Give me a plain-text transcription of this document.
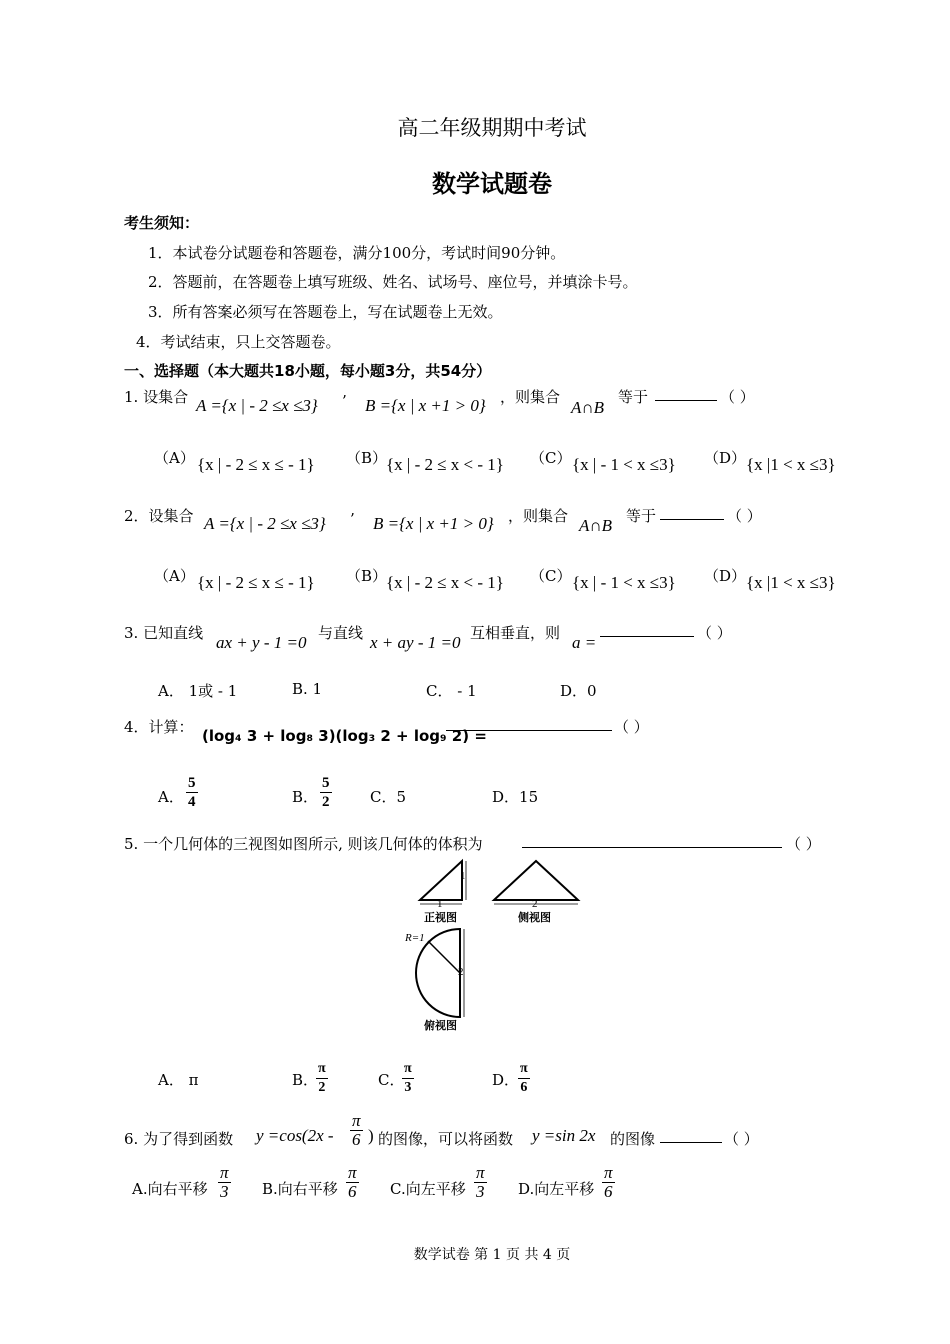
高二年级期期中考试
数学试题卷
考生须知：
1．本试卷分试题卷和答题卷，满分100分，考试时间90分钟。
2．答题前，在答题卷上填写班级、姓名、试场号、座位号，并填涂卡号。
3．所有答案必须写在答题卷上，写在试题卷上无效。
4．考试结束，只上交答题卷。
一、选择题（本大题共18小题，每小题3分，共54分）
1. 设集合 A ={x | - 2 ≤x ≤3} ’ B ={x | x +1 > 0} ，则集合
A∩B
等于	（ ）
（A） {x | - 2 ≤ x ≤ - 1} （B）
{x | - 2 ≤ x < - 1} （C） {x | - 1 < x ≤3} （D） {x |1 < x ≤3}
2．设集合 A ={x | - 2 ≤x ≤3} ’ B ={x | x +1 > 0} ，则集合 A∩B 等于	（ ）
（A） {x | - 2 ≤ x ≤ - 1} （B）
{x | - 2 ≤ x < - 1} （C） {x | - 1 < x ≤3} （D） {x |1 < x ≤3}
3. 已知直线 ax + y - 1 =0 与直线 x + ay - 1 =0 互相垂直，则 a =	（ ）
A． 1或 - 1	B. 1	C． - 1	D．0
4．计算： (log₄ 3 + log₈ 3)(log₃ 2 + log₉ 2) =	（ ）
A． $\frac{5}{4}$	B． $\frac{5}{2}$	C．5	D．15
5. 一个几何体的三视图如图所示, 则该几何体的体积为	（ ）
1
1
正视图
2
侧视图
R=1
2
俯视图
A． π	B．
$\frac{\pi}{2}$	C．
$\frac{\pi}{3}$	D．
$\frac{\pi}{6}$
6. 为了得到函数 $y =\cos(2x - \frac{\pi}{6}$ ) 的图像，可以将函数 y =sin 2x 的图像	（ ）
A.向右平移 $\frac{\pi}{3} B$.向右平移 $\frac{\pi}{6} C$.向左平移 $\frac{\pi}{3} D$.向左平移 $\frac{\pi}{6}$
数学试卷 第 1 页 共 4 页
